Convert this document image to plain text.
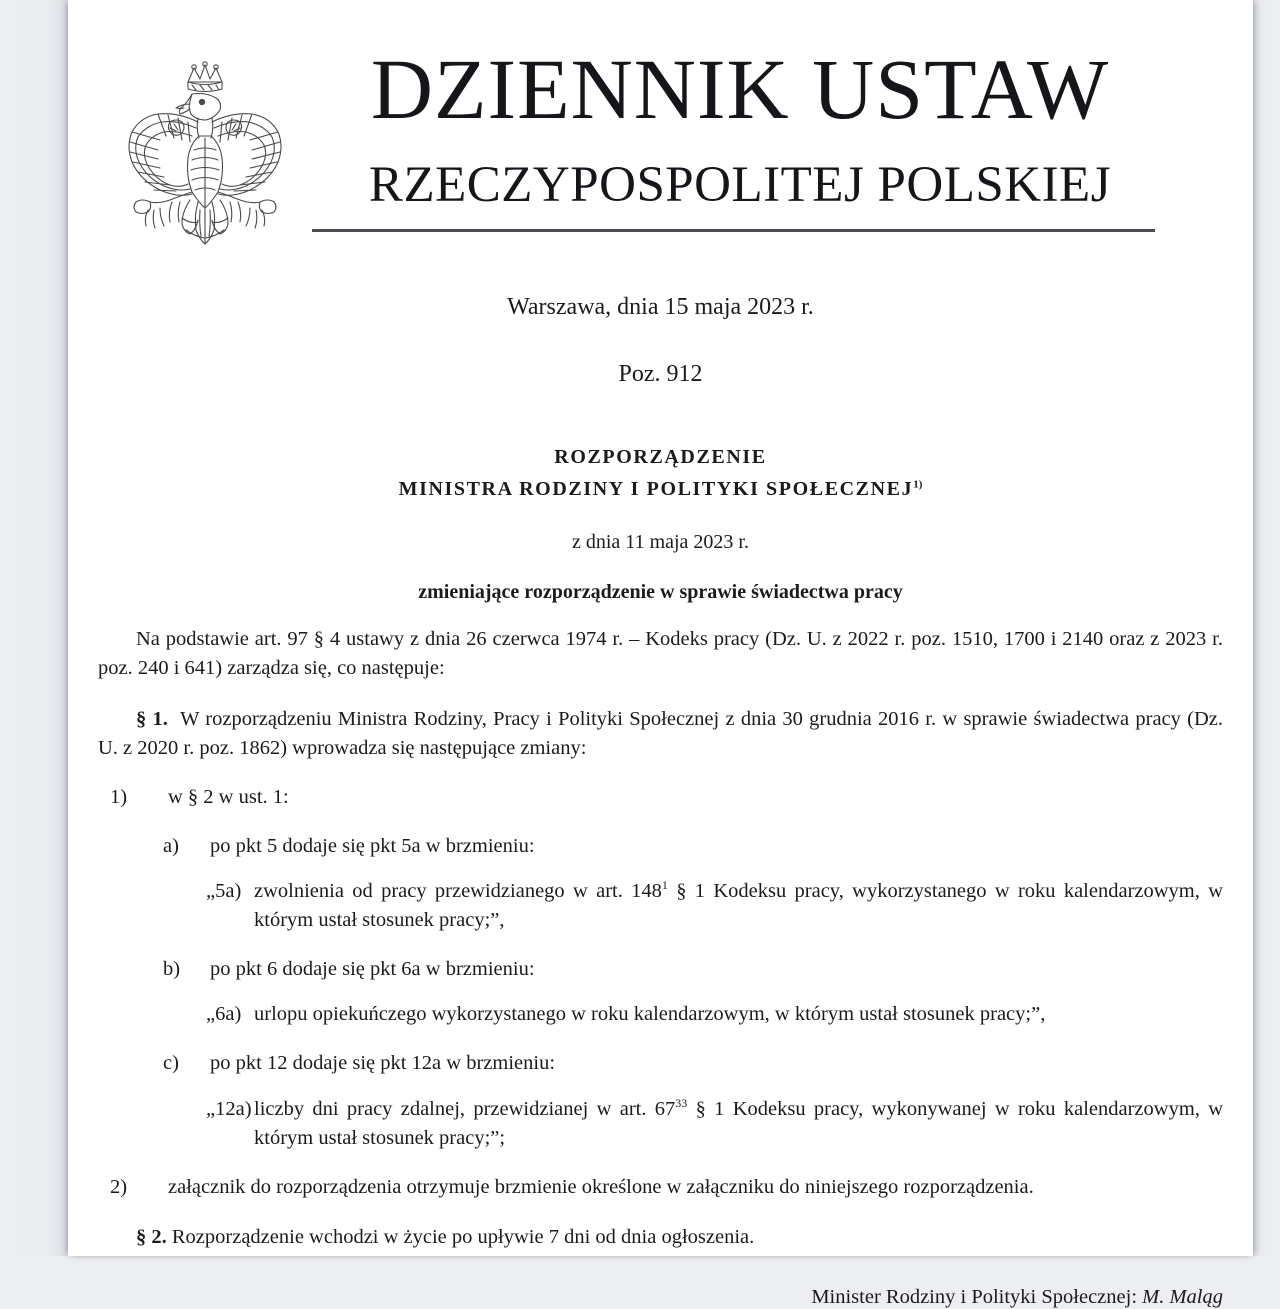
DZIENNIK USTAW
RZECZYPOSPOLITEJ POLSKIEJ
Warszawa, dnia 15 maja 2023 r.
Poz. 912
ROZPORZĄDZENIE
MINISTRA RODZINY I POLITYKI SPOŁECZNEJ$^{1)}$
z dnia 11 maja 2023 r.
zmieniające rozporządzenie w sprawie świadectwa pracy
Na podstawie art. 97 § 4 ustawy z dnia 26 czerwca 1974 r. – Kodeks pracy (Dz. U. z 2022 r. poz. 1510, 1700 i 2140 oraz z 2023 r. poz. 240 i 641) zarządza się, co następuje:
§ 1. W rozporządzeniu Ministra Rodziny, Pracy i Polityki Społecznej z dnia 30 grudnia 2016 r. w sprawie świadectwa pracy (Dz. U. z 2020 r. poz. 1862) wprowadza się następujące zmiany:
1)	w § 2 w ust. 1:
a)	po pkt 5 dodaje się pkt 5a w brzmieniu:
„5a) zwolnienia od pracy przewidzianego w art. $148^1$ § 1 Kodeksu pracy, wykorzystanego w roku kalendarzowym, w którym ustał stosunek pracy;”,
b)	po pkt 6 dodaje się pkt 6a w brzmieniu:
„6a) urlopu opiekuńczego wykorzystanego w roku kalendarzowym, w którym ustał stosunek pracy;”,
c)	po pkt 12 dodaje się pkt 12a w brzmieniu:
„12a) liczby dni pracy zdalnej, przewidzianej w art. $67^{33}$ § 1 Kodeksu pracy, wykonywanej w roku kalendarzowym, w którym ustał stosunek pracy;”;
2)	załącznik do rozporządzenia otrzymuje brzmienie określone w załączniku do niniejszego rozporządzenia.
§ 2. Rozporządzenie wchodzi w życie po upływie 7 dni od dnia ogłoszenia.
Minister Rodziny i Polityki Społecznej: M. Maląg
